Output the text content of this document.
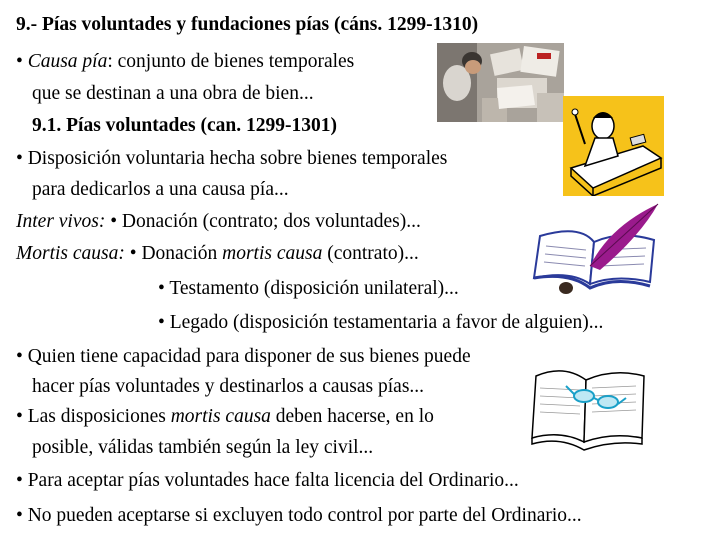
9.- Pías voluntades y fundaciones pías (cáns. 1299-1310)
• Causa pía: conjunto de bienes temporales
que se destinan a una obra de bien...
9.1. Pías voluntades (can. 1299-1301)
• Disposición voluntaria hecha sobre bienes temporales
para dedicarlos a una causa pía...
Inter vivos: • Donación (contrato; dos voluntades)...
Mortis causa: • Donación mortis causa (contrato)...
• Testamento (disposición unilateral)...
• Legado (disposición testamentaria a favor de alguien)...
• Quien tiene capacidad para disponer de sus bienes puede
hacer pías voluntades y destinarlos a causas pías...
• Las disposiciones mortis causa deben hacerse, en lo
posible, válidas también según la ley civil...
• Para aceptar pías voluntades hace falta licencia del Ordinario...
• No pueden aceptarse si excluyen todo control por parte del Ordinario...
